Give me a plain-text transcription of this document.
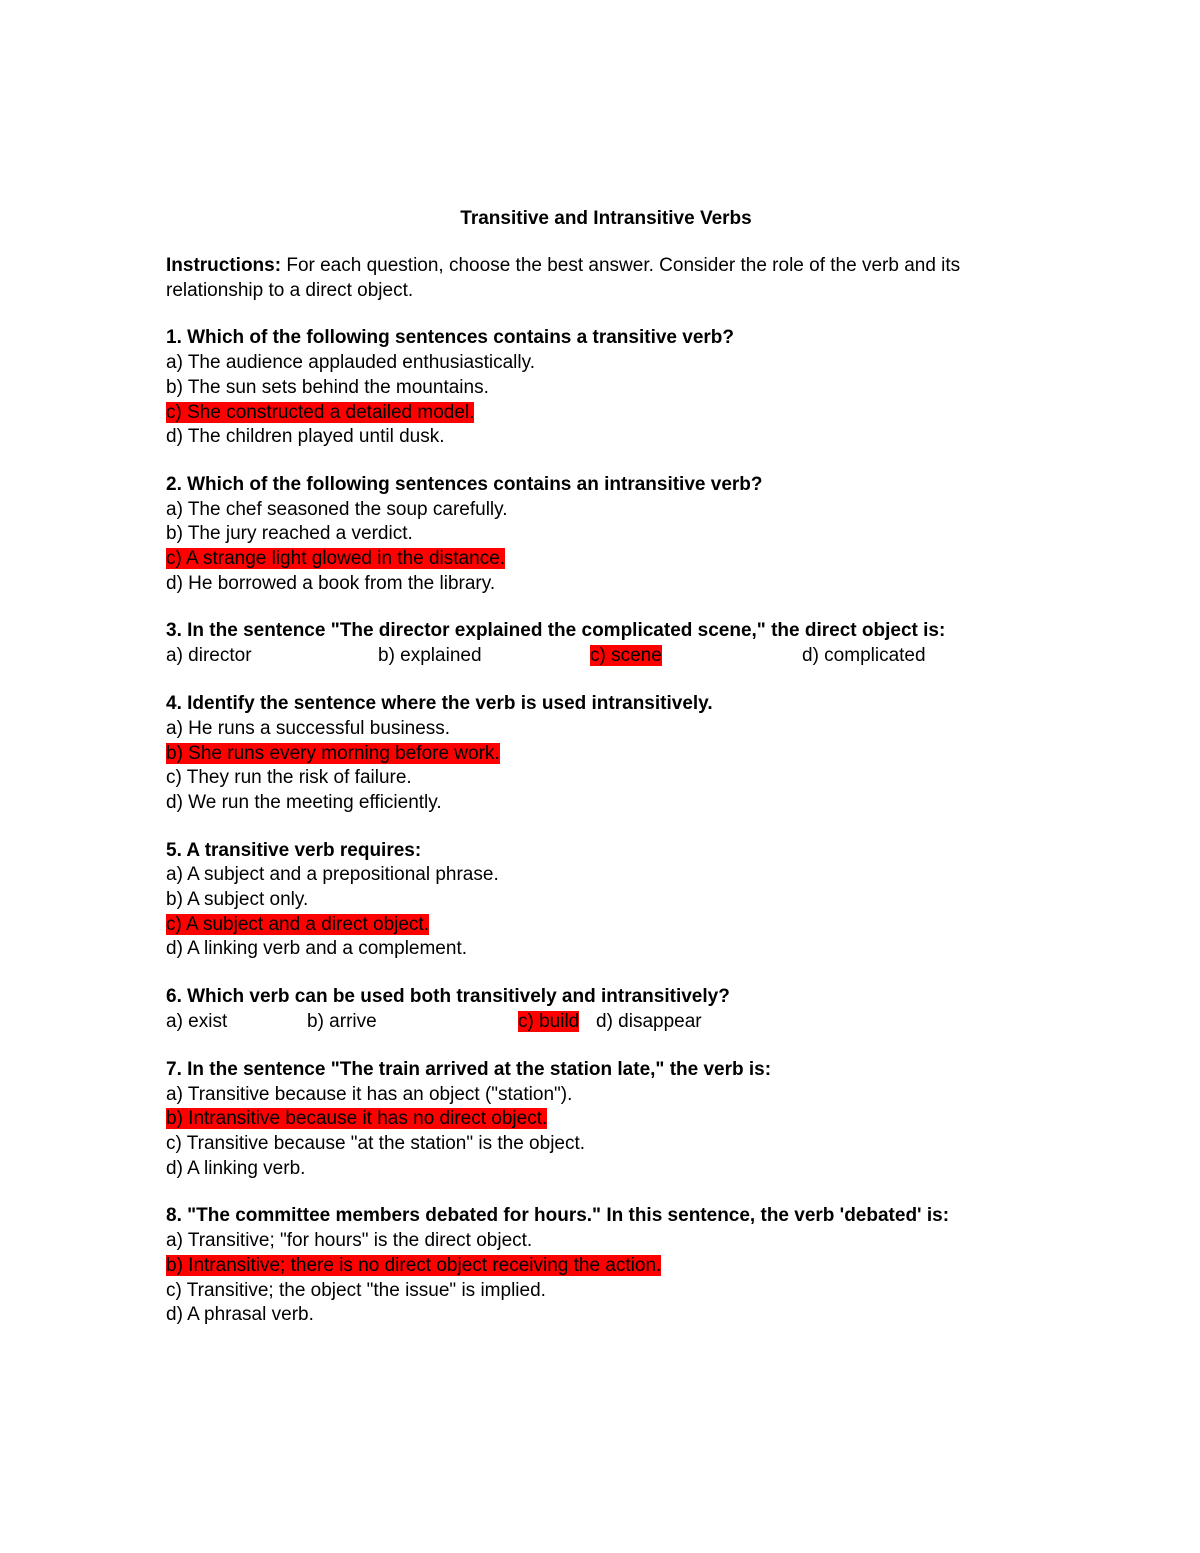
Transitive and Intransitive Verbs
Instructions: For each question, choose the best answer. Consider the role of the verb and its relationship to a direct object.
1. Which of the following sentences contains a transitive verb?
a) The audience applauded enthusiastically.
b) The sun sets behind the mountains.
c) She constructed a detailed model.
d) The children played until dusk.
2. Which of the following sentences contains an intransitive verb?
a) The chef seasoned the soup carefully.
b) The jury reached a verdict.
c) A strange light glowed in the distance.
d) He borrowed a book from the library.
3. In the sentence "The director explained the complicated scene," the direct object is:
a) director	b) explained	c) scene	d) complicated
4. Identify the sentence where the verb is used intransitively.
a) He runs a successful business.
b) She runs every morning before work.
c) They run the risk of failure.
d) We run the meeting efficiently.
5. A transitive verb requires:
a) A subject and a prepositional phrase.
b) A subject only.
c) A subject and a direct object.
d) A linking verb and a complement.
6. Which verb can be used both transitively and intransitively?
a) exist	b) arrive	c) build d) disappear
7. In the sentence "The train arrived at the station late," the verb is:
a) Transitive because it has an object ("station").
b) Intransitive because it has no direct object.
c) Transitive because "at the station" is the object.
d) A linking verb.
8. "The committee members debated for hours." In this sentence, the verb 'debated' is:
a) Transitive; "for hours" is the direct object.
b) Intransitive; there is no direct object receiving the action.
c) Transitive; the object "the issue" is implied.
d) A phrasal verb.
